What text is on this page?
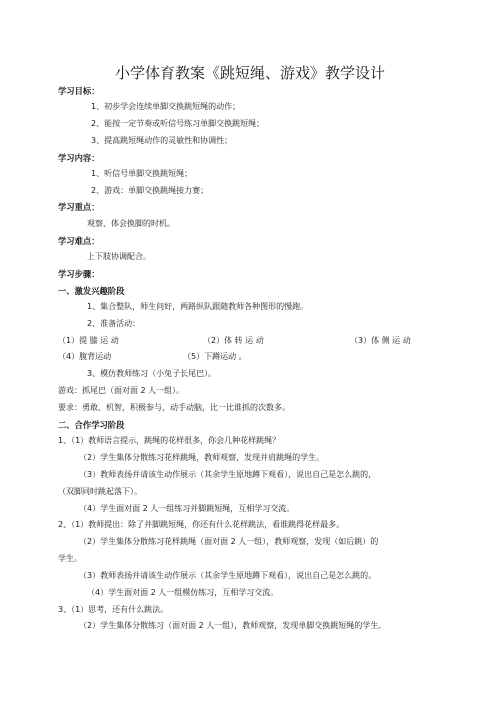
小学体育教案《跳短绳、游戏》教学设计
学习目标：
1、初步学会连续单脚交换跳短绳的动作；
2、能按一定节奏或听信号练习单脚交换跳短绳；
3、提高跳短绳动作的灵敏性和协调性；
学习内容：
1、听信号单脚交换跳短绳；
2、游戏：单脚交换跳绳接力赛；
学习重点：
观察、体会换脚的时机。
学习难点：
上下肢协调配合。
学习步骤：
一、激发兴趣阶段
1、集合整队，师生问好，两路纵队跟随教师各种图形的慢跑。
2、准备活动：
（1）提 膝 运 动	（2）体 转 运 动	（3）体 侧 运 动
（4）腹背运动	（5）下蹲运动 。
3、模仿教师练习（小兔子长尾巴）。
游戏：抓尾巴（面对面 2 人一组）。
要求：勇敢、机智，积极参与，动手动脑，比一比谁抓的次数多。
二、合作学习阶段
1、（1）教师语言提示，跳绳的花样很多，你会几种花样跳绳？
（2）学生集体分散练习花样跳绳，教师观察，发现并肩跳绳的学生。
（3）教师表扬并请该生动作展示（其余学生原地蹲下观看），说出自己是怎么跳的，
（双脚同时跳起落下）。
（4）学生面对面 2 人一组练习并脚跳短绳，互相学习交流。
2、（1）教师提出：除了并脚跳短绳，你还有什么花样跳法，看谁跳得花样最多。
（2）学生集体分散练习花样跳绳（面对面 2 人一组），教师观察，发现（如后跳）的
学生。
（3）教师表扬并请该生动作展示（其余学生原地蹲下观看），说出自己是怎么跳的。
（4）学生面对面 2 人一组模仿练习，互相学习交流。
3、（1）思考，还有什么跳法。
（2）学生集体分散练习（面对面 2 人一组），教师观察，发现单脚交换跳短绳的学生。
